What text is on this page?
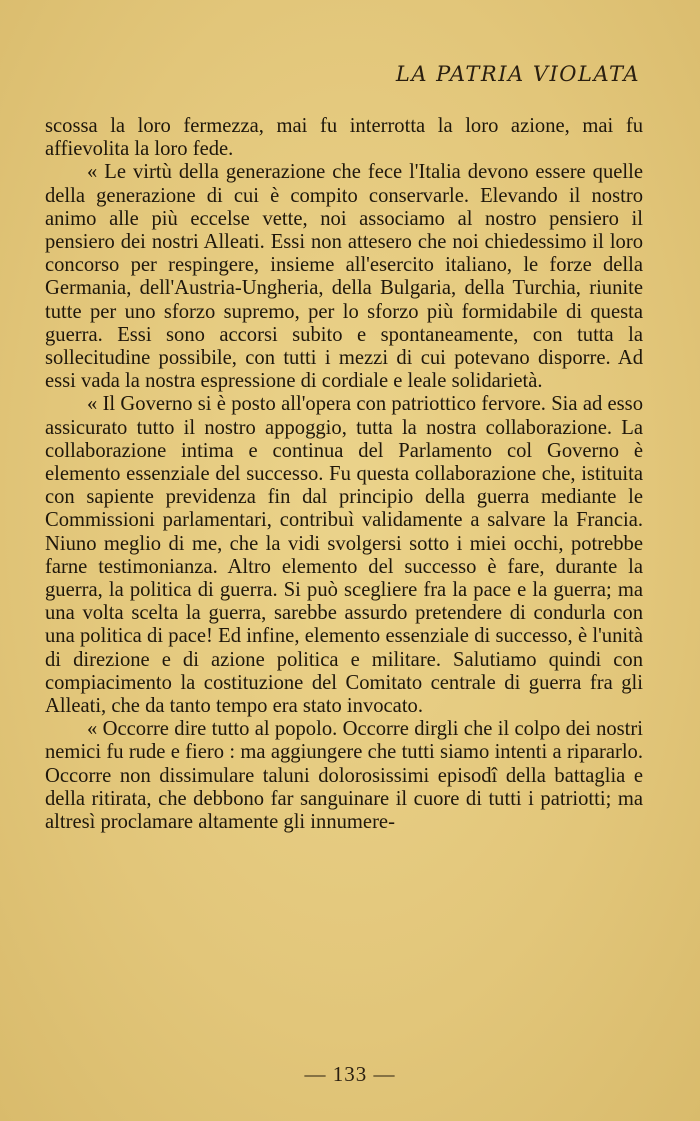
LA PATRIA VIOLATA

scossa la loro fermezza, mai fu interrotta la loro azione, mai fu affievolita la loro fede.

« Le virtù della generazione che fece l'Italia devono essere quelle della generazione di cui è compito conservarle. Elevando il nostro animo alle più eccelse vette, noi associamo al nostro pensiero il pensiero dei nostri Alleati. Essi non attesero che noi chiedessimo il loro concorso per respingere, insieme all'esercito italiano, le forze della Germania, dell'Austria-Ungheria, della Bulgaria, della Turchia, riunite tutte per uno sforzo supremo, per lo sforzo più formidabile di questa guerra. Essi sono accorsi subito e spontaneamente, con tutta la sollecitudine possibile, con tutti i mezzi di cui potevano disporre. Ad essi vada la nostra espressione di cordiale e leale solidarietà.

« Il Governo si è posto all'opera con patriottico fervore. Sia ad esso assicurato tutto il nostro appoggio, tutta la nostra collaborazione. La collaborazione intima e continua del Parlamento col Governo è elemento essenziale del successo. Fu questa collaborazione che, istituita con sapiente previdenza fin dal principio della guerra mediante le Commissioni parlamentari, contribuì validamente a salvare la Francia. Niuno meglio di me, che la vidi svolgersi sotto i miei occhi, potrebbe farne testimonianza. Altro elemento del successo è fare, durante la guerra, la politica di guerra. Si può scegliere fra la pace e la guerra; ma una volta scelta la guerra, sarebbe assurdo pretendere di condurla con una politica di pace! Ed infine, elemento essenziale di successo, è l'unità di direzione e di azione politica e militare. Salutiamo quindi con compiacimento la costituzione del Comitato centrale di guerra fra gli Alleati, che da tanto tempo era stato invocato.

« Occorre dire tutto al popolo. Occorre dirgli che il colpo dei nostri nemici fu rude e fiero : ma aggiungere che tutti siamo intenti a ripararlo. Occorre non dissimulare taluni dolorosissimi episodî della battaglia e della ritirata, che debbono far sanguinare il cuore di tutti i patriotti; ma altresì proclamare altamente gli innumere-

— 133 —
